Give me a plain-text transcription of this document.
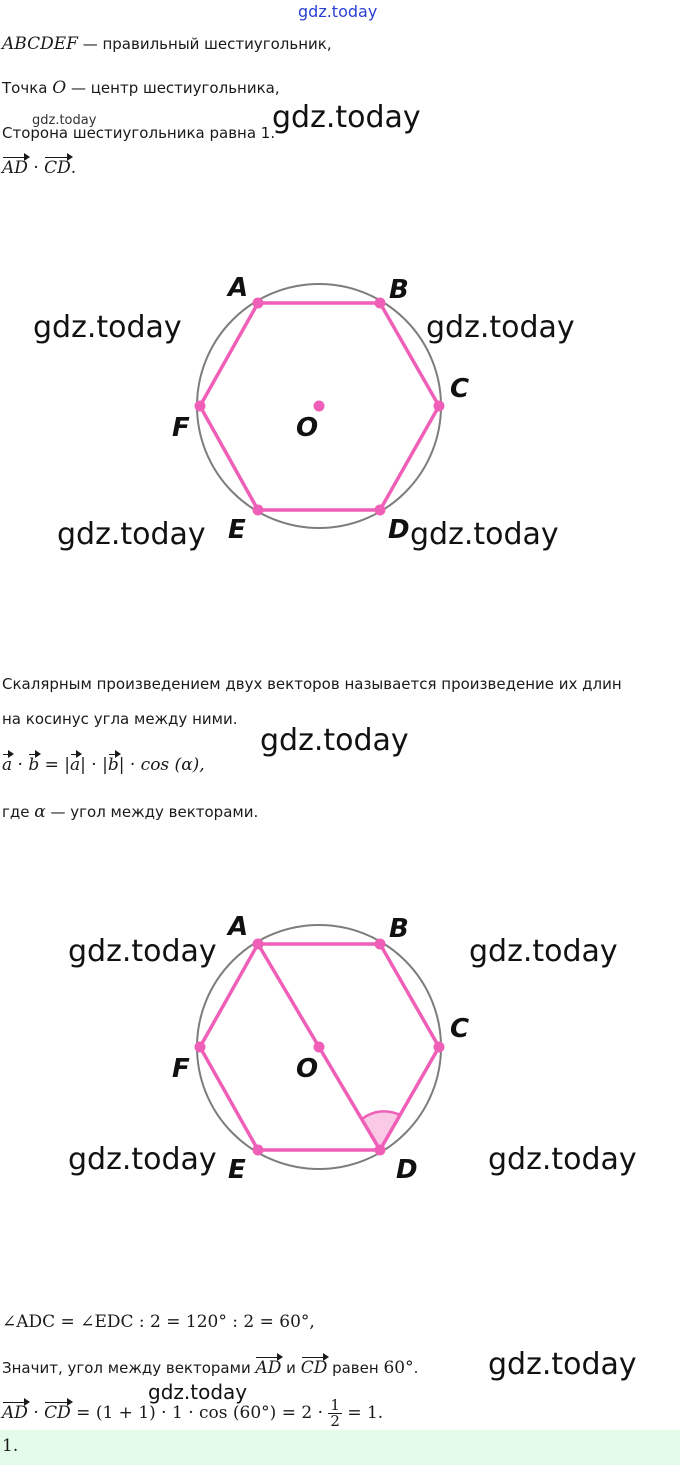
gdz.today
gdz.today	gdz.today
ABCDEF — правильный шестиугольник,
Точка O — центр шестиугольника,
Сторона шестиугольника равна 1.
AD · CD.
A	B
C
D
E
F	O
gdz.today	gdz.today
gdz.today	gdz.today
Скалярным произведением двух векторов называется произведение их длин
на косинус угла между ними.
a · b = |a| · |b| · cos (α),
gdz.today
где α — угол между векторами.
A	B
C
D
E
F	O
gdz.today	gdz.today
gdz.today	gdz.today
∠ADC = ∠EDC : 2 = 120° : 2 = 60°,
Значит, угол между векторами AD и CD равен 60°. gdz.today
gdz.today
AD · CD = $(1 + 1) \cdot 1 \cdot \cos (60^\circ) = 2 \cdot \frac{1}{2} = 1$.
1.
